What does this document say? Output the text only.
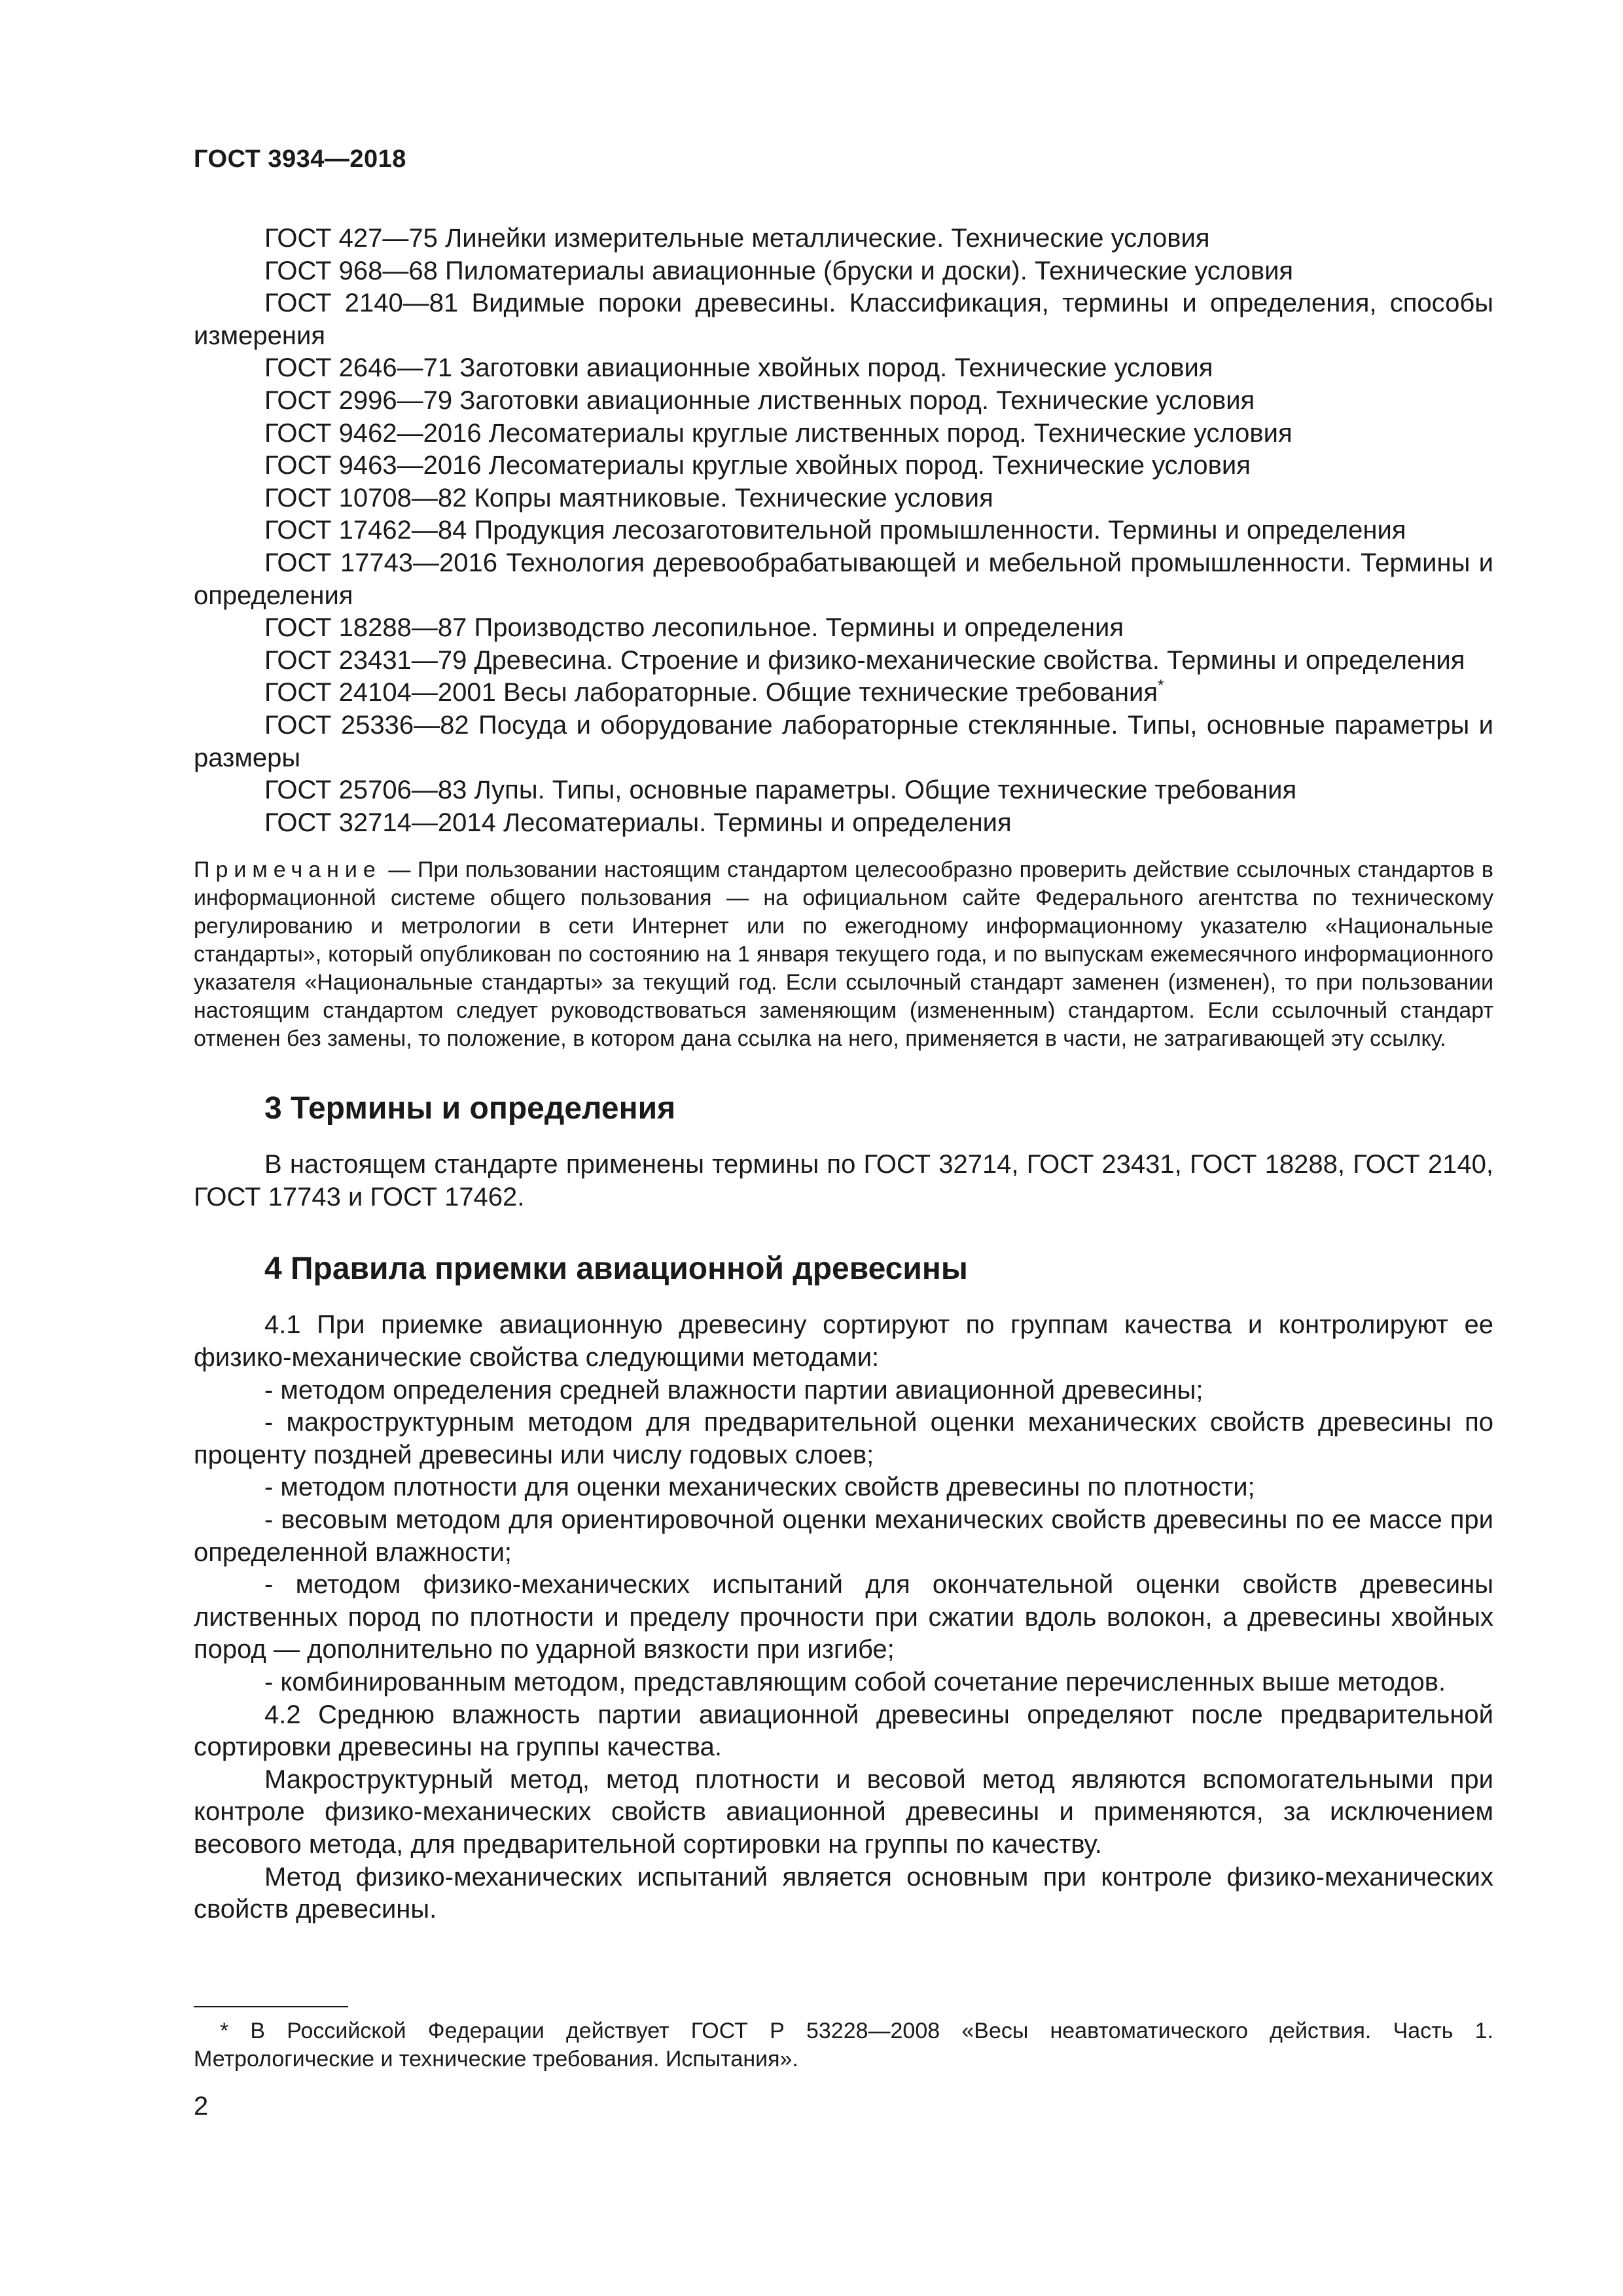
ГОСТ 3934—2018

ГОСТ 427—75 Линейки измерительные металлические. Технические условия

ГОСТ 968—68 Пиломатериалы авиационные (бруски и доски). Технические условия

ГОСТ 2140—81 Видимые пороки древесины. Классификация, термины и определения, способы измерения

ГОСТ 2646—71 Заготовки авиационные хвойных пород. Технические условия

ГОСТ 2996—79 Заготовки авиационные лиственных пород. Технические условия

ГОСТ 9462—2016 Лесоматериалы круглые лиственных пород. Технические условия

ГОСТ 9463—2016 Лесоматериалы круглые хвойных пород. Технические условия

ГОСТ 10708—82 Копры маятниковые. Технические условия

ГОСТ 17462—84 Продукция лесозаготовительной промышленности. Термины и определения

ГОСТ 17743—2016 Технология деревообрабатывающей и мебельной промышленности. Термины и определения

ГОСТ 18288—87 Производство лесопильное. Термины и определения

ГОСТ 23431—79 Древесина. Строение и физико-механические свойства. Термины и определения

ГОСТ 24104—2001 Весы лабораторные. Общие технические требования*

ГОСТ 25336—82 Посуда и оборудование лабораторные стеклянные. Типы, основные параметры и размеры

ГОСТ 25706—83 Лупы. Типы, основные параметры. Общие технические требования

ГОСТ 32714—2014 Лесоматериалы. Термины и определения

Примечание — При пользовании настоящим стандартом целесообразно проверить действие ссылочных стандартов в информационной системе общего пользования — на официальном сайте Федерального агентства по техническому регулированию и метрологии в сети Интернет или по ежегодному информационному указателю «Национальные стандарты», который опубликован по состоянию на 1 января текущего года, и по выпускам ежемесячного информационного указателя «Национальные стандарты» за текущий год. Если ссылочный стандарт заменен (изменен), то при пользовании настоящим стандартом следует руководствоваться заменяющим (измененным) стандартом. Если ссылочный стандарт отменен без замены, то положение, в котором дана ссылка на него, применяется в части, не затрагивающей эту ссылку.

3 Термины и определения

В настоящем стандарте применены термины по ГОСТ 32714, ГОСТ 23431, ГОСТ 18288, ГОСТ 2140, ГОСТ 17743 и ГОСТ 17462.

4 Правила приемки авиационной древесины

4.1 При приемке авиационную древесину сортируют по группам качества и контролируют ее физико-механические свойства следующими методами:

- методом определения средней влажности партии авиационной древесины;

- макроструктурным методом для предварительной оценки механических свойств древесины по проценту поздней древесины или числу годовых слоев;

- методом плотности для оценки механических свойств древесины по плотности;

- весовым методом для ориентировочной оценки механических свойств древесины по ее массе при определенной влажности;

- методом физико-механических испытаний для окончательной оценки свойств древесины лиственных пород по плотности и пределу прочности при сжатии вдоль волокон, а древесины хвойных пород — дополнительно по ударной вязкости при изгибе;

- комбинированным методом, представляющим собой сочетание перечисленных выше методов.

4.2 Среднюю влажность партии авиационной древесины определяют после предварительной сортировки древесины на группы качества.

Макроструктурный метод, метод плотности и весовой метод являются вспомогательными при контроле физико-механических свойств авиационной древесины и применяются, за исключением весового метода, для предварительной сортировки на группы по качеству.

Метод физико-механических испытаний является основным при контроле физико-механических свойств древесины.

* В Российской Федерации действует ГОСТ Р 53228—2008 «Весы неавтоматического действия. Часть 1. Метрологические и технические требования. Испытания».

2
